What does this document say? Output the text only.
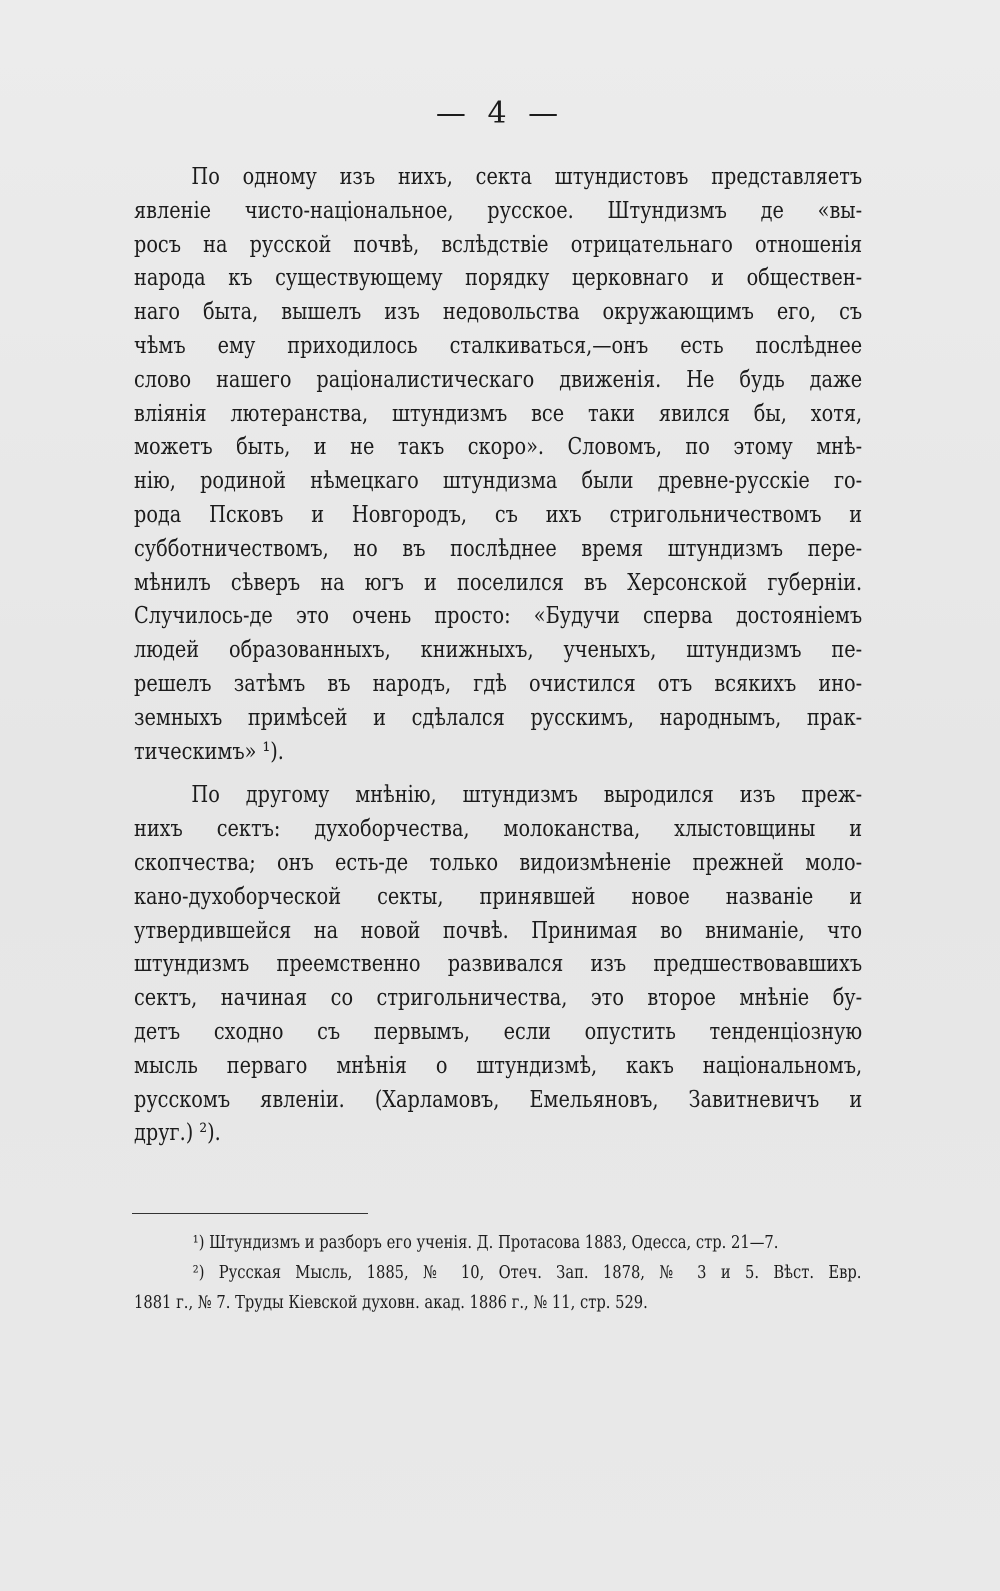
— 4 —
По одному изъ нихъ, секта штундистовъ представляетъ
явленіе чисто-національное, русское. Штундизмъ де «вы-
росъ на русской почвѣ, вслѣдствіе отрицательнаго отношенія
народа къ существующему порядку церковнаго и обществен-
наго быта, вышелъ изъ недовольства окружающимъ его, съ
чѣмъ ему приходилось сталкиваться,—онъ есть послѣднее
слово нашего раціоналистическаго движенія. Не будь даже
вліянія лютеранства, штундизмъ все таки явился бы, хотя,
можетъ быть, и не такъ скоро». Словомъ, по этому мнѣ-
нію, родиной нѣмецкаго штундизма были древне-русскіе го-
рода Псковъ и Новгородъ, съ ихъ стригольничествомъ и
субботничествомъ, но въ послѣднее время штундизмъ пере-
мѣнилъ сѣверъ на югъ и поселился въ Херсонской губерніи.
Случилось-де это очень просто: «Будучи сперва достояніемъ
людей образованныхъ, книжныхъ, ученыхъ, штундизмъ пе-
решелъ затѣмъ въ народъ, гдѣ очистился отъ всякихъ ино-
земныхъ примѣсей и сдѣлался русскимъ, народнымъ, прак-
тическимъ» ¹).
По другому мнѣнію, штундизмъ выродился изъ преж-
нихъ сектъ: духоборчества, молоканства, хлыстовщины и
скопчества; онъ есть-де только видоизмѣненіе прежней моло-
кано-духоборческой секты, принявшей новое названіе и
утвердившейся на новой почвѣ. Принимая во вниманіе, что
штундизмъ преемственно развивался изъ предшествовавшихъ
сектъ, начиная со стригольничества, это второе мнѣніе бу-
детъ сходно съ первымъ, если опустить тенденціозную
мысль перваго мнѣнія о штундизмѣ, какъ національномъ,
русскомъ явленіи. (Харламовъ, Емельяновъ, Завитневичъ и
друг.) ²).
¹) Штундизмъ и разборъ его ученія. Д. Протасова 1883, Одесса, стр. 21—7.
²) Русская Мысль, 1885, № 10, Отеч. Зап. 1878, № 3 и 5. Вѣст. Евр.
1881 г., № 7. Труды Кіевской духовн. акад. 1886 г., № 11, стр. 529.
